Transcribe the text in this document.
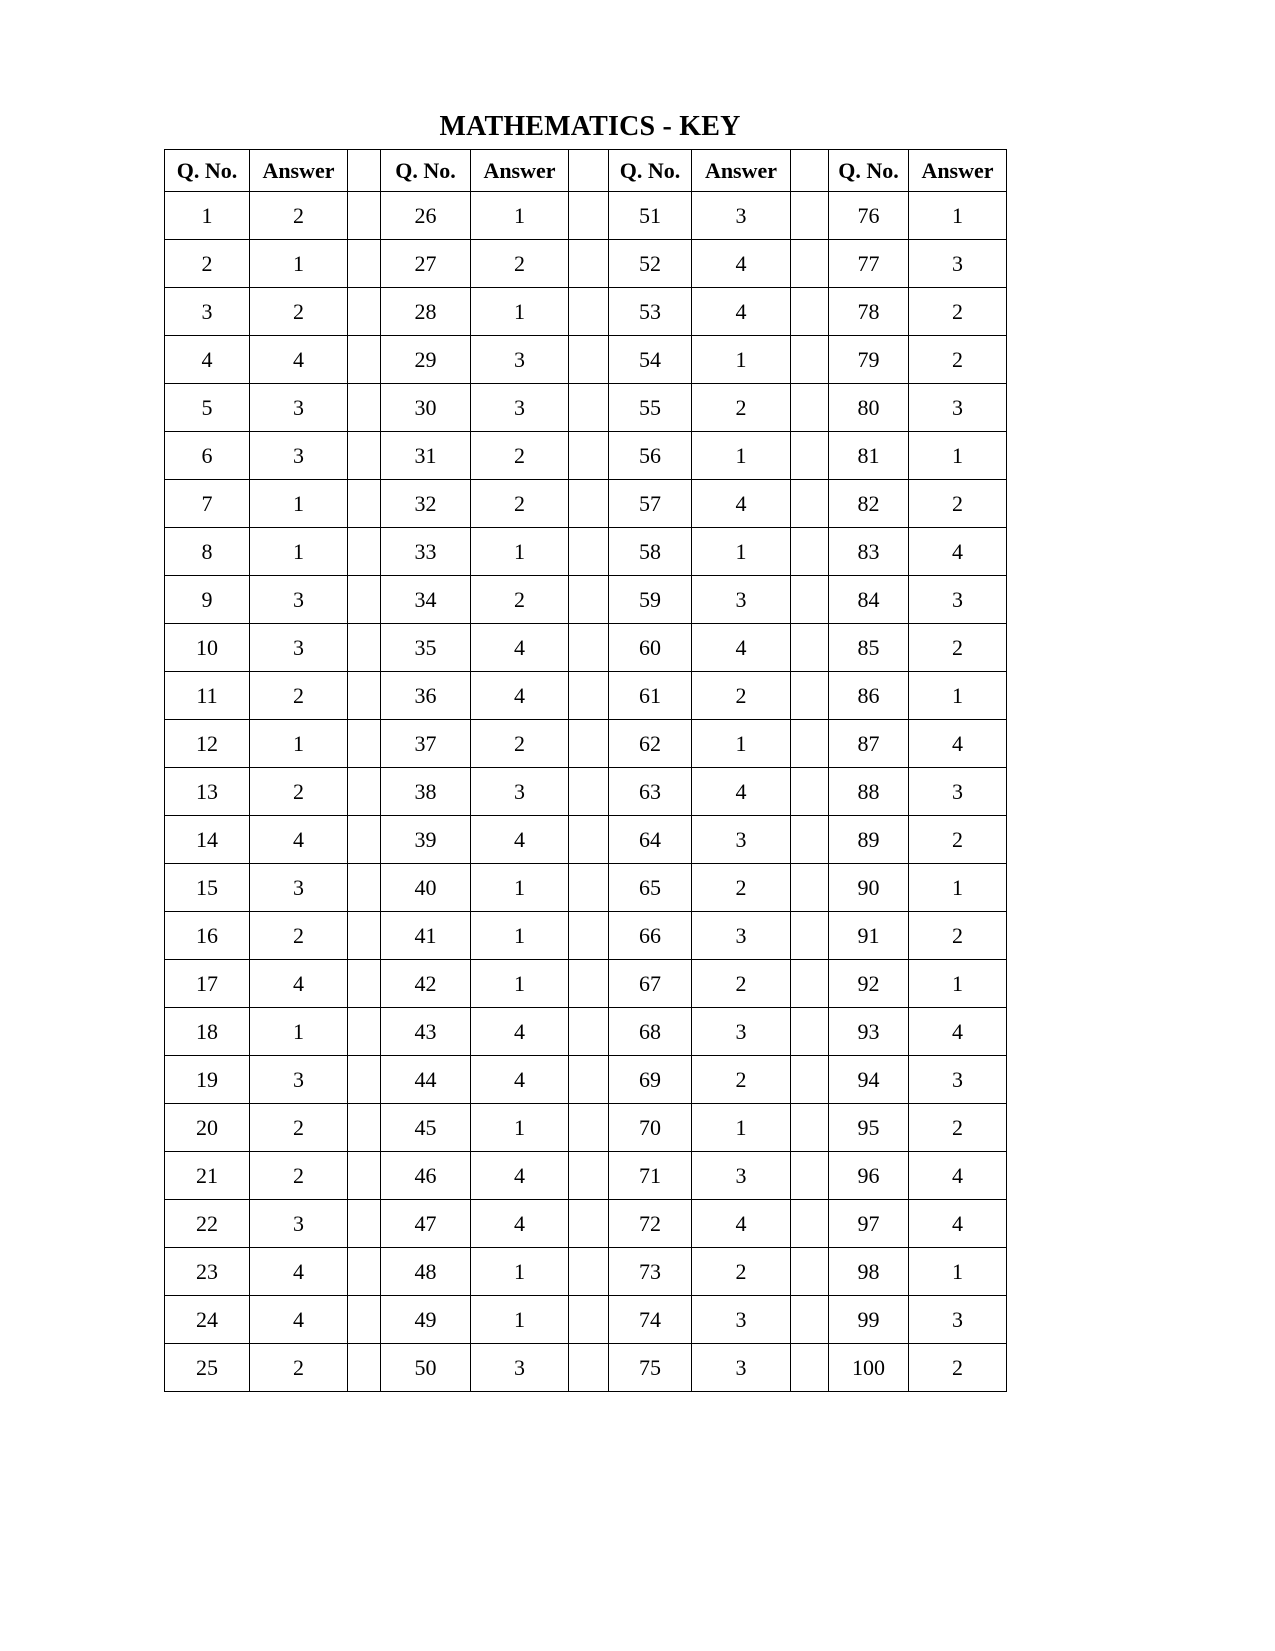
MATHEMATICS - KEY
Q. No.	Answer		Q. No.	Answer		Q. No.	Answer		Q. No.	Answer
1	2		26	1		51	3		76	1
2	1		27	2		52	4		77	3
3	2		28	1		53	4		78	2
4	4		29	3		54	1		79	2
5	3		30	3		55	2		80	3
6	3		31	2		56	1		81	1
7	1		32	2		57	4		82	2
8	1		33	1		58	1		83	4
9	3		34	2		59	3		84	3
10	3		35	4		60	4		85	2
11	2		36	4		61	2		86	1
12	1		37	2		62	1		87	4
13	2		38	3		63	4		88	3
14	4		39	4		64	3		89	2
15	3		40	1		65	2		90	1
16	2		41	1		66	3		91	2
17	4		42	1		67	2		92	1
18	1		43	4		68	3		93	4
19	3		44	4		69	2		94	3
20	2		45	1		70	1		95	2
21	2		46	4		71	3		96	4
22	3		47	4		72	4		97	4
23	4		48	1		73	2		98	1
24	4		49	1		74	3		99	3
25	2		50	3		75	3		100	2
